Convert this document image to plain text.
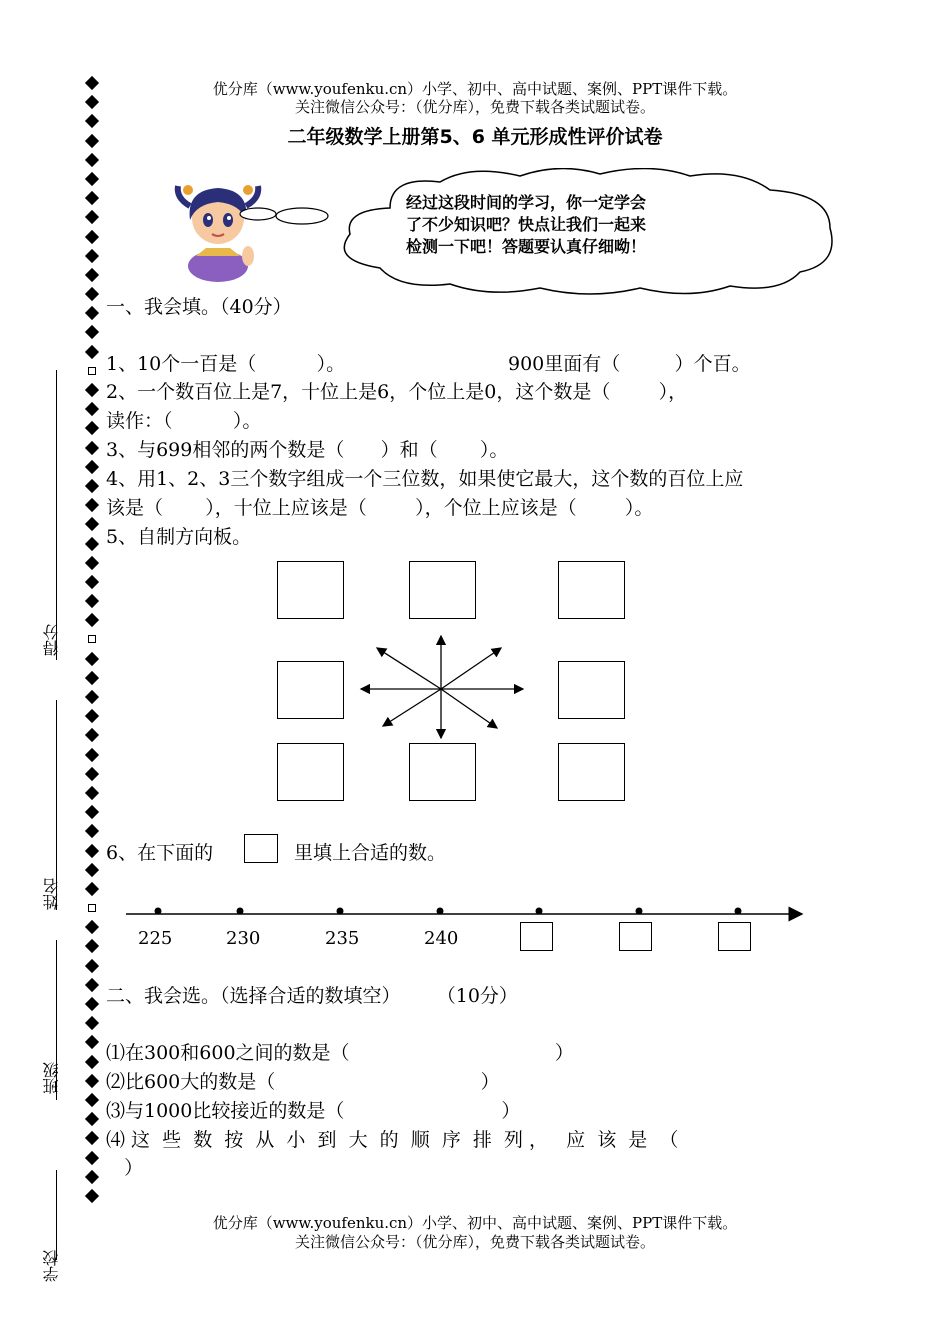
优分库（www.youfenku.cn）小学、初中、高中试题、案例、PPT课件下载。
关注微信公众号：（优分库），免费下载各类试题试卷。
二年级数学上册第5、6 单元形成性评价试卷
得分
姓名
班级
学校
经过这段时间的学习，你一定学会
了不少知识吧？快点让我们一起来
检测一下吧！答题要认真仔细呦！
一、我会填。（40分）
1、10个一百是（          ）。	900里面有（         ）个百。
2、一个数百位上是7，十位上是6，个位上是0，这个数是（        ），
读作：（          ）。
3、与699相邻的两个数是（      ）和（       ）。
4、用1、2、3三个数字组成一个三位数，如果使它最大，这个数的百位上应
该是（       ），十位上应该是（        ），个位上应该是（        ）。
5、自制方向板。
6、在下面的	里填上合适的数。
225	230	235	240
二、我会选。（选择合适的数填空）      （10分）
⑴在300和600之间的数是（                                  ）
⑵比600大的数是（                                  ）
⑶与1000比较接近的数是（                          ）
⑷ 这  些  数  按  从  小  到  大  的  顺  序  排  列 ，   应  该  是  （
）
优分库（www.youfenku.cn）小学、初中、高中试题、案例、PPT课件下载。
关注微信公众号：（优分库），免费下载各类试题试卷。
